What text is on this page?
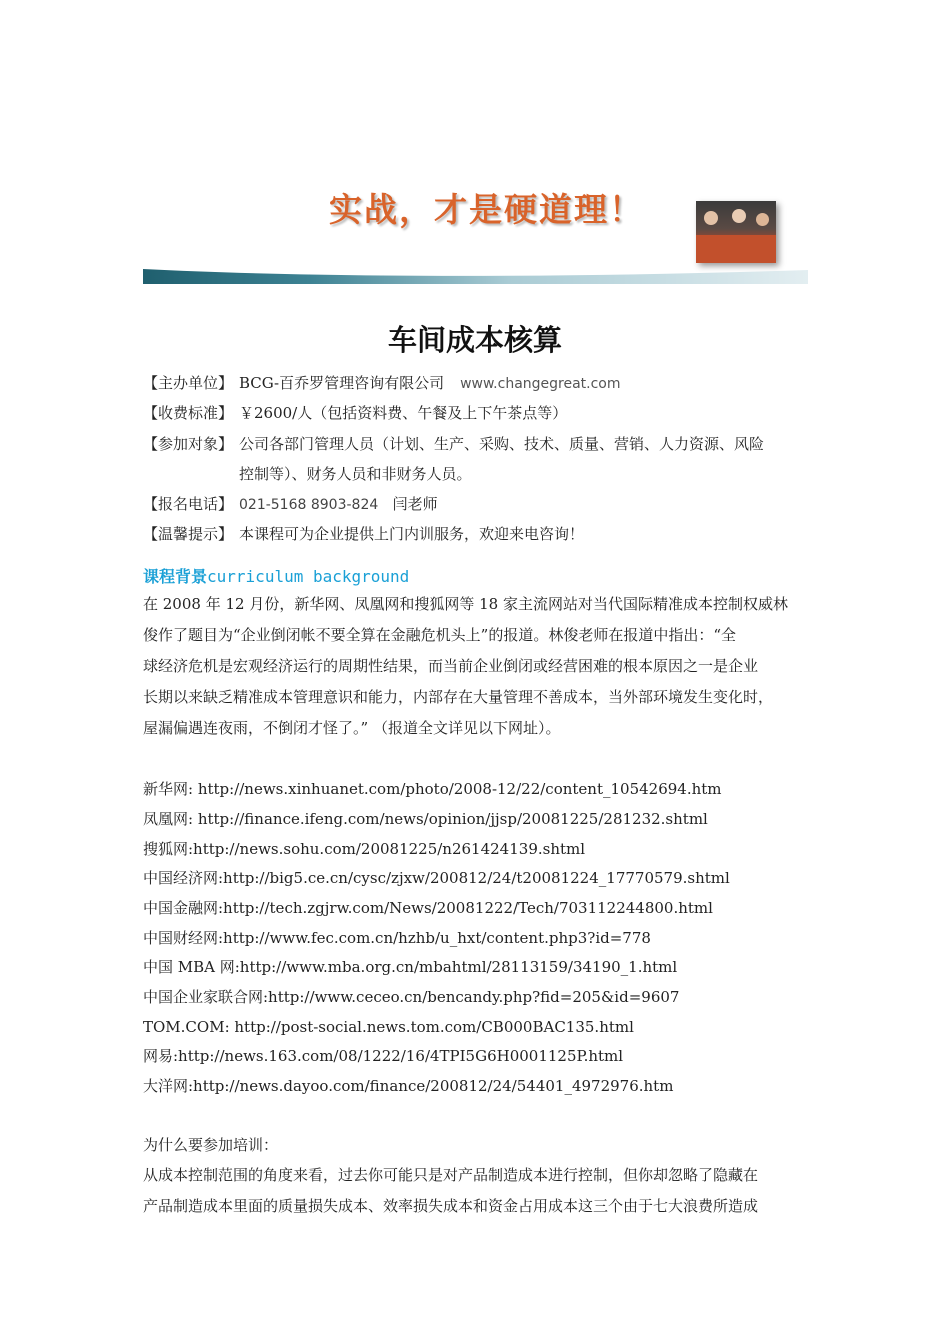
实战，才是硬道理！
车间成本核算
【主办单位】 BCG-百乔罗管理咨询有限公司 www.changegreat.com
【收费标准】 ￥2600/人（包括资料费、午餐及上下午茶点等）
【参加对象】 公司各部门管理人员（计划、生产、采购、技术、质量、营销、人力资源、风险
控制等）、财务人员和非财务人员。
【报名电话】 021-5168 8903-824 闫老师
【温馨提示】 本课程可为企业提供上门内训服务，欢迎来电咨询！
课程背景curriculum background
在 2008 年 12 月份，新华网、凤凰网和搜狐网等 18 家主流网站对当代国际精准成本控制权威林
俊作了题目为“企业倒闭帐不要全算在金融危机头上”的报道。林俊老师在报道中指出：“全
球经济危机是宏观经济运行的周期性结果，而当前企业倒闭或经营困难的根本原因之一是企业
长期以来缺乏精准成本管理意识和能力，内部存在大量管理不善成本，当外部环境发生变化时，
屋漏偏遇连夜雨，不倒闭才怪了。” （报道全文详见以下网址）。
新华网: http://news.xinhuanet.com/photo/2008-12/22/content_10542694.htm
凤凰网: http://finance.ifeng.com/news/opinion/jjsp/20081225/281232.shtml
搜狐网:http://news.sohu.com/20081225/n261424139.shtml
中国经济网:http://big5.ce.cn/cysc/zjxw/200812/24/t20081224_17770579.shtml
中国金融网:http://tech.zgjrw.com/News/20081222/Tech/703112244800.html
中国财经网:http://www.fec.com.cn/hzhb/u_hxt/content.php3?id=778
中国 MBA 网:http://www.mba.org.cn/mbahtml/28113159/34190_1.html
中国企业家联合网:http://www.ceceo.cn/bencandy.php?fid=205&id=9607
TOM.COM: http://post-social.news.tom.com/CB000BAC135.html
网易:http://news.163.com/08/1222/16/4TPI5G6H0001125P.html
大洋网:http://news.dayoo.com/finance/200812/24/54401_4972976.htm
为什么要参加培训：
从成本控制范围的角度来看，过去你可能只是对产品制造成本进行控制，但你却忽略了隐藏在
产品制造成本里面的质量损失成本、效率损失成本和资金占用成本这三个由于七大浪费所造成
